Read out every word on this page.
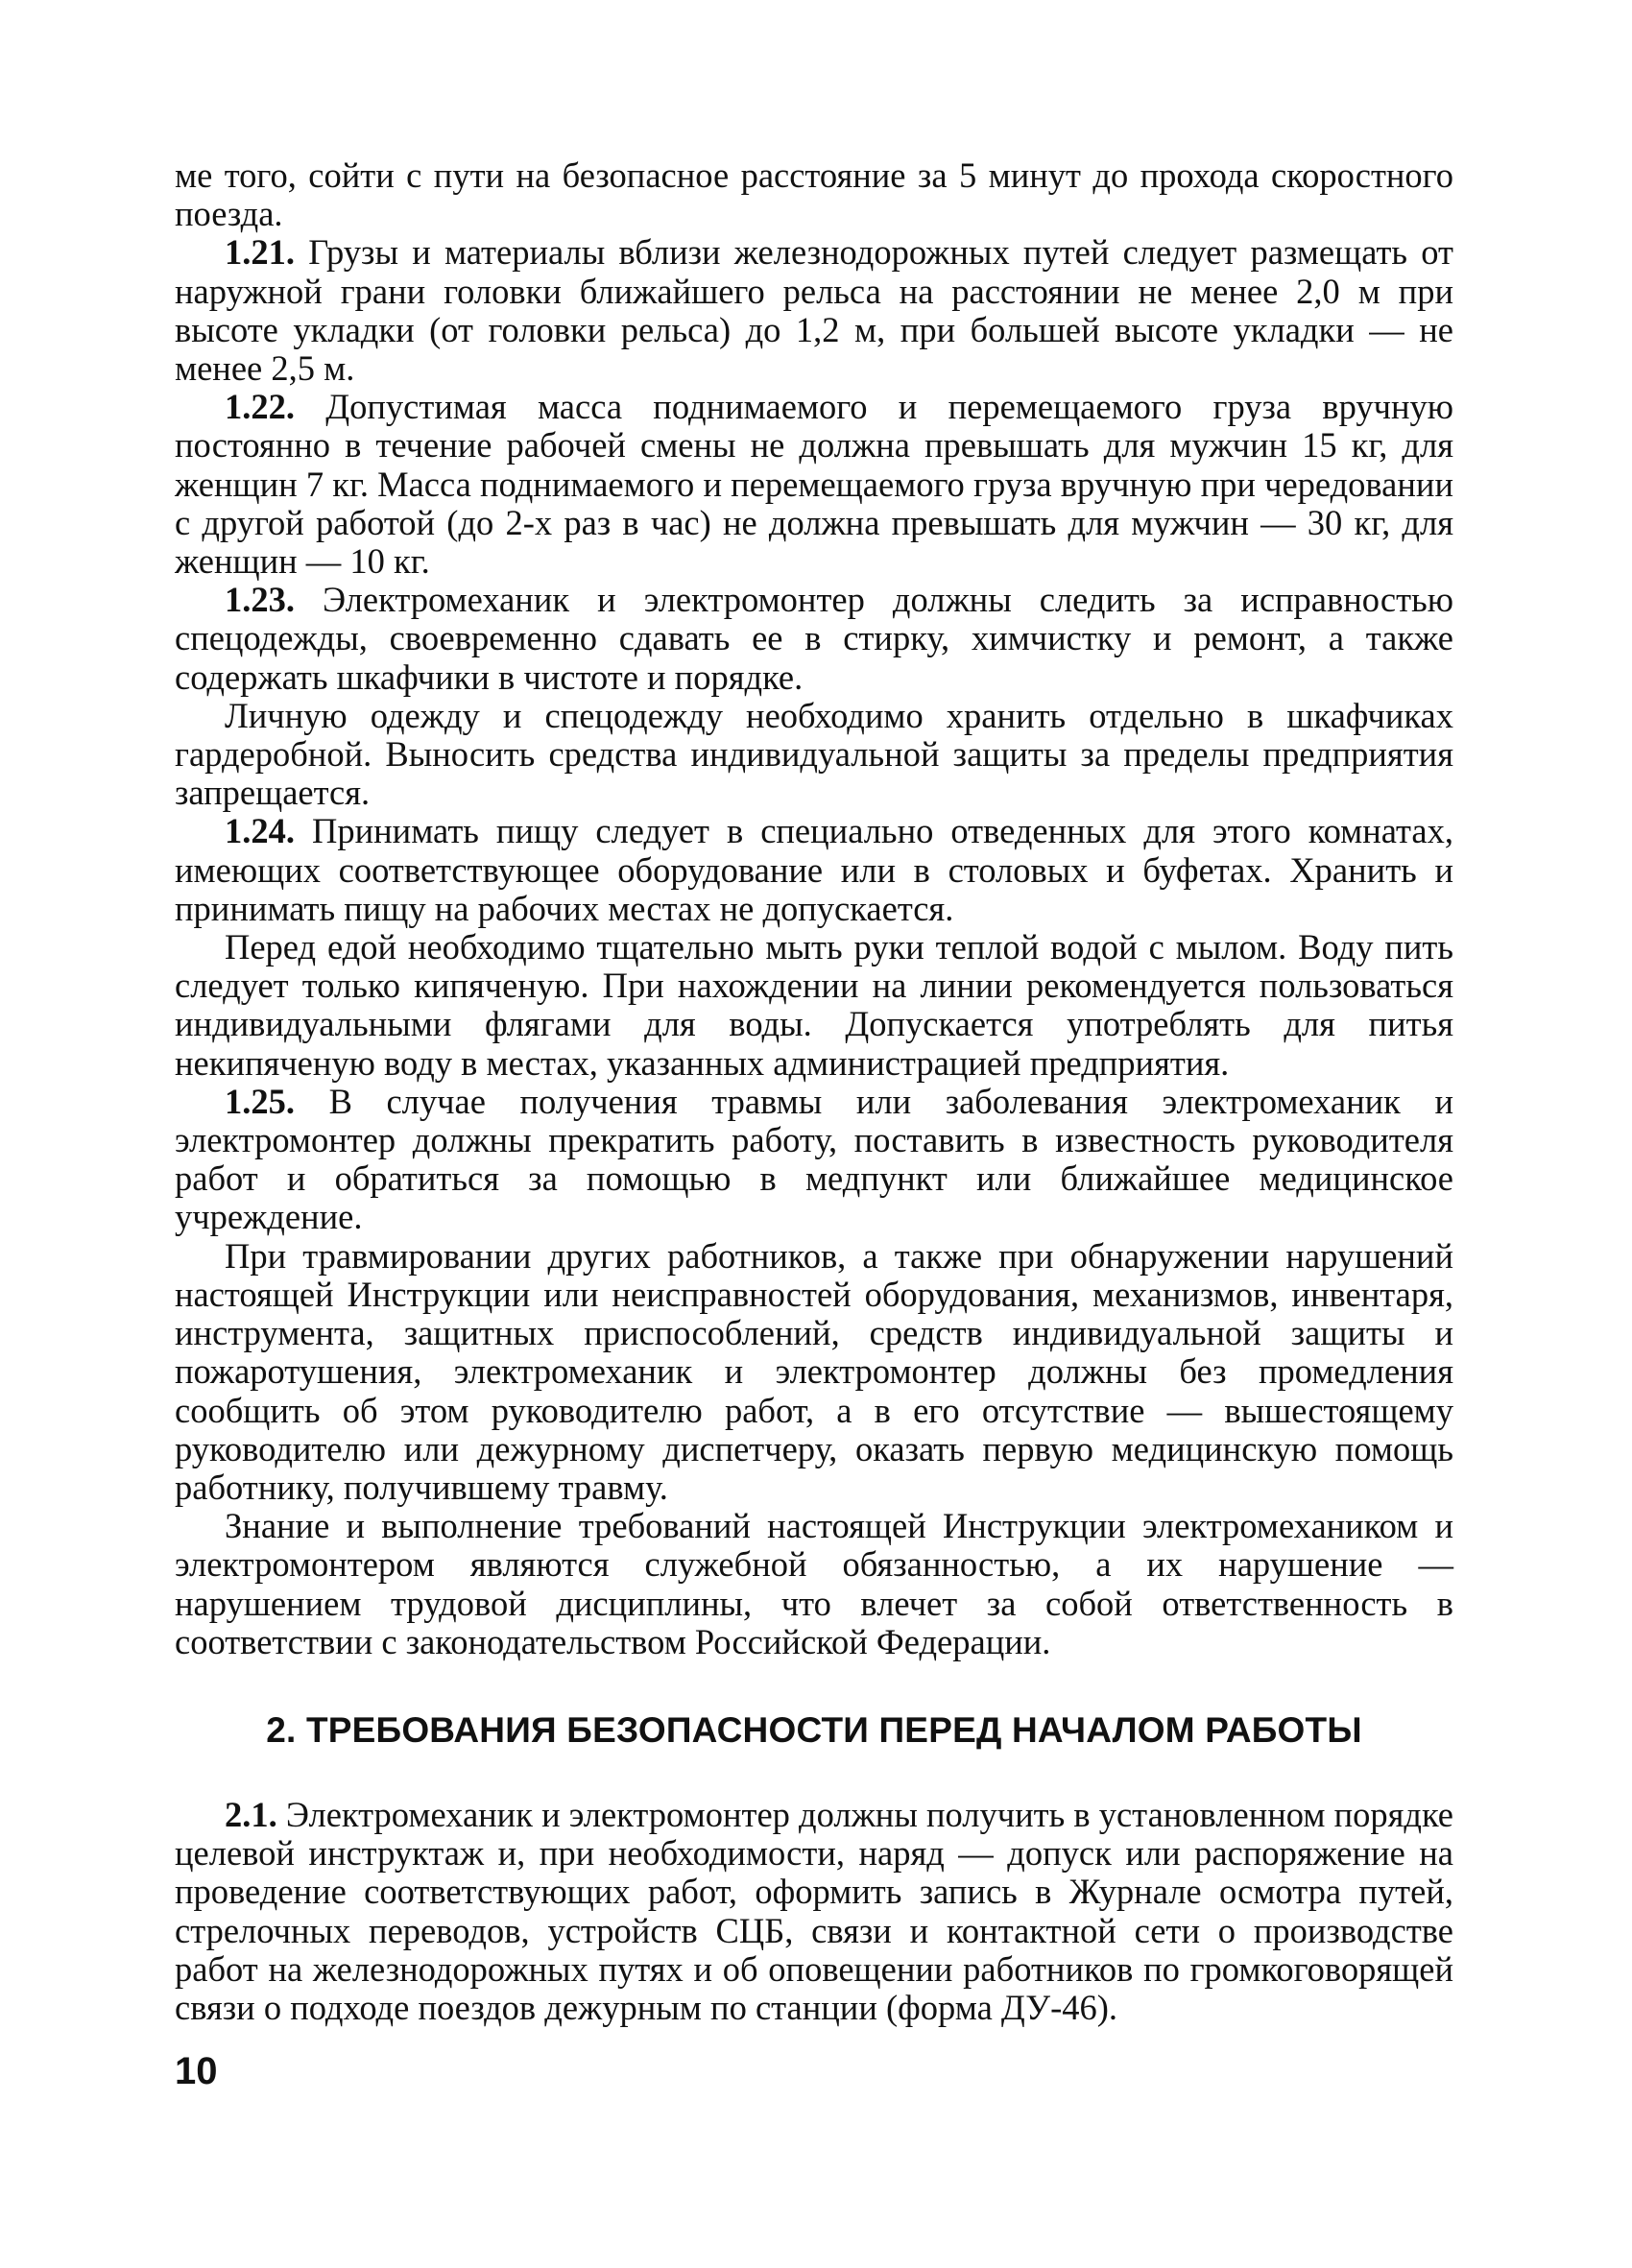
ме того, сойти с пути на безопасное расстояние за 5 минут до прохода скоростного поезда.

1.21. Грузы и материалы вблизи железнодорожных путей следует размещать от наружной грани головки ближайшего рельса на расстоянии не менее 2,0 м при высоте укладки (от головки рельса) до 1,2 м, при большей высоте укладки — не менее 2,5 м.

1.22. Допустимая масса поднимаемого и перемещаемого груза вручную постоянно в течение рабочей смены не должна превышать для мужчин 15 кг, для женщин 7 кг. Масса поднимаемого и перемещаемого груза вручную при чередовании с другой работой (до 2-х раз в час) не должна превышать для мужчин — 30 кг, для женщин — 10 кг.

1.23. Электромеханик и электромонтер должны следить за исправностью спецодежды, своевременно сдавать ее в стирку, химчистку и ремонт, а также содержать шкафчики в чистоте и порядке.

Личную одежду и спецодежду необходимо хранить отдельно в шкафчиках гардеробной. Выносить средства индивидуальной защиты за пределы предприятия запрещается.

1.24. Принимать пищу следует в специально отведенных для этого комнатах, имеющих соответствующее оборудование или в столовых и буфетах. Хранить и принимать пищу на рабочих местах не допускается.

Перед едой необходимо тщательно мыть руки теплой водой с мылом. Воду пить следует только кипяченую. При нахождении на линии рекомендуется пользоваться индивидуальными флягами для воды. Допускается употреблять для питья некипяченую воду в местах, указанных администрацией предприятия.

1.25. В случае получения травмы или заболевания электромеханик и электромонтер должны прекратить работу, поставить в известность руководителя работ и обратиться за помощью в медпункт или ближайшее медицинское учреждение.

При травмировании других работников, а также при обнаружении нарушений настоящей Инструкции или неисправностей оборудования, механизмов, инвентаря, инструмента, защитных приспособлений, средств индивидуальной защиты и пожаротушения, электромеханик и электромонтер должны без промедления сообщить об этом руководителю работ, а в его отсутствие — вышестоящему руководителю или дежурному диспетчеру, оказать первую медицинскую помощь работнику, получившему травму.

Знание и выполнение требований настоящей Инструкции электромехаником и электромонтером являются служебной обязанностью, а их нарушение — нарушением трудовой дисциплины, что влечет за собой ответственность в соответствии с законодательством Российской Федерации.

2. ТРЕБОВАНИЯ БЕЗОПАСНОСТИ ПЕРЕД НАЧАЛОМ РАБОТЫ

2.1. Электромеханик и электромонтер должны получить в установленном порядке целевой инструктаж и, при необходимости, наряд — допуск или распоряжение на проведение соответствующих работ, оформить запись в Журнале осмотра путей, стрелочных переводов, устройств СЦБ, связи и контактной сети о производстве работ на железнодорожных путях и об оповещении работников по громкоговорящей связи о подходе поездов дежурным по станции (форма ДУ-46).

10
